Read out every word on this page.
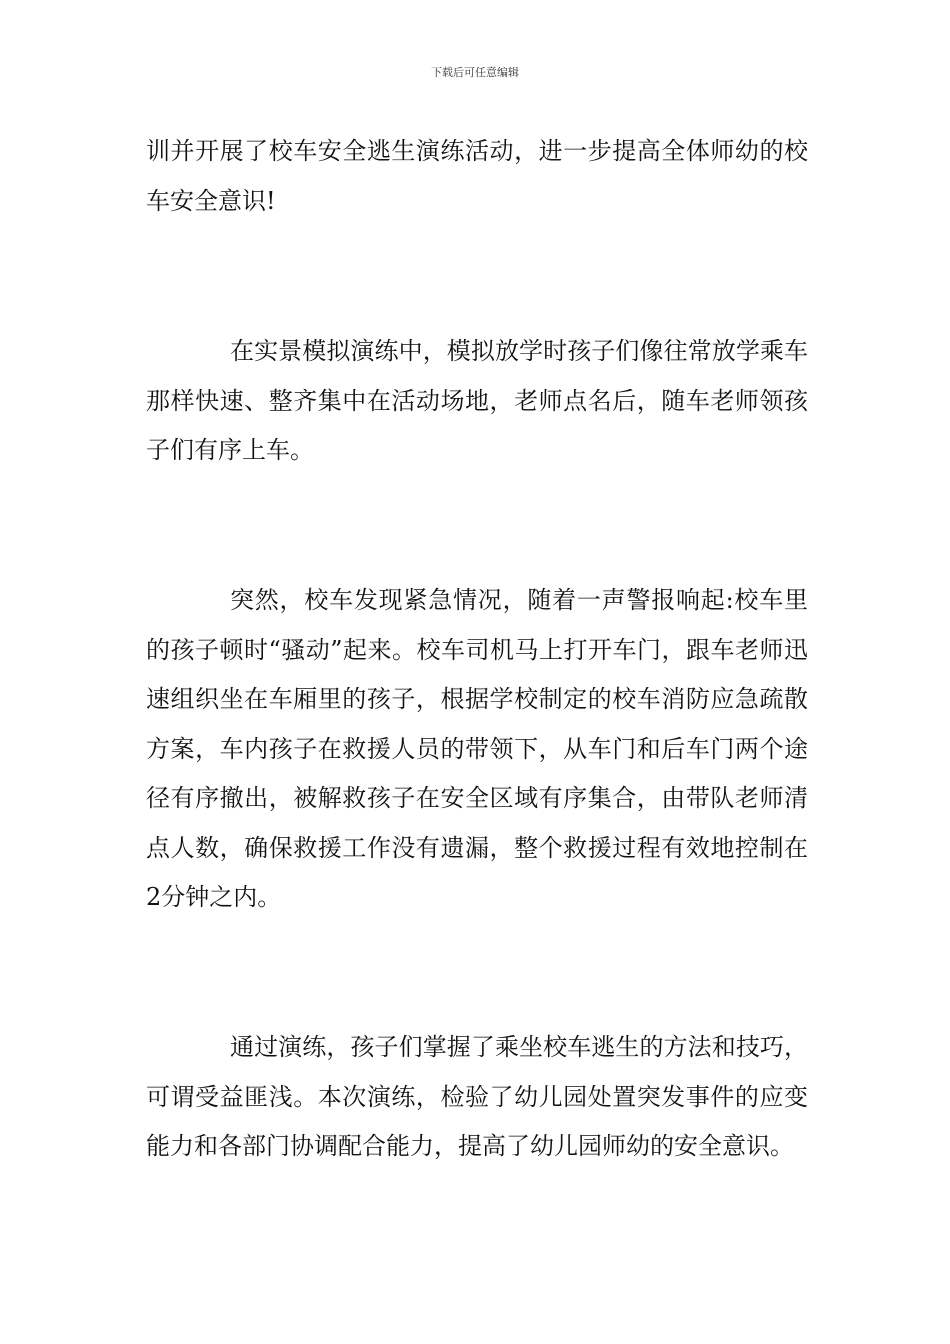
下载后可任意编辑

训并开展了校车安全逃生演练活动，进一步提高全体师幼的校车安全意识!

在实景模拟演练中，模拟放学时孩子们像往常放学乘车那样快速、整齐集中在活动场地，老师点名后，随车老师领孩子们有序上车。

突然，校车发现紧急情况，随着一声警报响起:校车里的孩子顿时“骚动”起来。校车司机马上打开车门，跟车老师迅速组织坐在车厢里的孩子，根据学校制定的校车消防应急疏散方案，车内孩子在救援人员的带领下，从车门和后车门两个途径有序撤出，被解救孩子在安全区域有序集合，由带队老师清点人数，确保救援工作没有遗漏，整个救援过程有效地控制在2分钟之内。

通过演练，孩子们掌握了乘坐校车逃生的方法和技巧，可谓受益匪浅。本次演练，检验了幼儿园处置突发事件的应变能力和各部门协调配合能力，提高了幼儿园师幼的安全意识。
